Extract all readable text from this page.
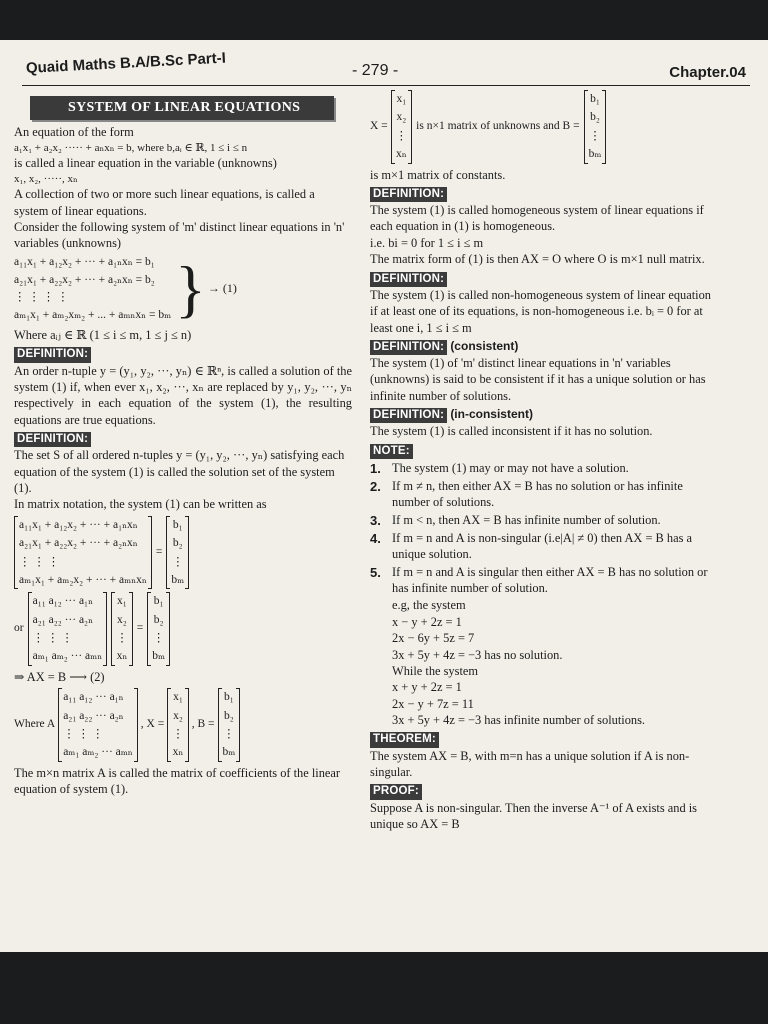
Quaid Maths B.A/B.Sc Part-I	- 279 -	Chapter.04
SYSTEM OF LINEAR EQUATIONS

An equation of the form

a₁x₁ + a₂x₂ ····· + aₙxₙ = b, where b,aᵢ ∈ ℝ, 1 ≤ i ≤ n

is called a linear equation in the variable (unknowns)

x₁, x₂, ·····, xₙ

A collection of two or more such linear equations, is called a system of linear equations.

Consider the following system of 'm' distinct linear equations in 'n' variables (unknowns)

a₁₁x₁ + a₁₂x₂ + ··· + a₁ₙxₙ = b₁
a₂₁x₁ + a₂₂x₂ + ··· + a₂ₙxₙ = b₂
⋮ ⋮ ⋮ ⋮
aₘ₁x₁ + aₘ₂xₘ₂ + ... + aₘₙxₙ = bₘ } → (1)

Where aᵢⱼ ∈ ℝ (1 ≤ i ≤ m, 1 ≤ j ≤ n)

DEFINITION:

An order n-tuple y = (y₁, y₂, ···, yₙ) ∈ ℝⁿ, is called a solution of the system (1) if, when ever x₁, x₂, ···, xₙ are replaced by y₁, y₂, ···, yₙ respectively in each equation of the system (1), the resulting equations are true equations.

DEFINITION:

The set S of all ordered n-tuples y = (y₁, y₂, ···, yₙ) satisfying each equation of the system (1) is called the solution set of the system (1).

In matrix notation, the system (1) can be written as

a₁₁x₁ + a₁₂x₂ + ··· + a₁ₙxₙ
a₂₁x₁ + a₂₂x₂ + ··· + a₂ₙxₙ
⋮ ⋮ ⋮
aₘ₁x₁ + aₘ₂x₂ + ··· + aₘₙxₙ
=
b₁
b₂
⋮
bₘ
or
a₁₁ a₁₂ ··· a₁ₙ
a₂₁ a₂₂ ··· a₂ₙ
⋮ ⋮ ⋮
aₘ₁ aₘ₂ ··· aₘₙ
x₁
x₂
⋮
xₙ
=
b₁
b₂
⋮
bₘ

⇒ AX = B ⟶ (2)

Where A
a₁₁ a₁₂ ··· a₁ₙ
a₂₁ a₂₂ ··· a₂ₙ
⋮ ⋮ ⋮
aₘ₁ aₘ₂ ··· aₘₙ
, X =
x₁
x₂
⋮
xₙ
, B =
b₁
b₂
⋮
bₘ

The m×n matrix A is called the matrix of coefficients of the linear equation of system (1).

X =
x₁
x₂
⋮
xₙ
is n×1 matrix of unknowns and B =
b₁
b₂
⋮
bₘ

is m×1 matrix of constants.

DEFINITION:

The system (1) is called homogeneous system of linear equations if each equation in (1) is homogeneous.

i.e. bi = 0 for 1 ≤ i ≤ m

The matrix form of (1) is then AX = O where O is m×1 null matrix.

DEFINITION:

The system (1) is called non-homogeneous system of linear equation if at least one of its equations, is non-homogeneous i.e. bᵢ = 0 for at least one i, 1 ≤ i ≤ m

DEFINITION: (consistent)

The system (1) of 'm' distinct linear equations in 'n' variables (unknowns) is said to be consistent if it has a unique solution or has infinite number of solutions.

DEFINITION: (in-consistent)

The system (1) is called inconsistent if it has no solution.

NOTE:
1. The system (1) may or may not have a solution.
2. If m ≠ n, then either AX = B has no solution or has infinite number of solutions.
3. If m < n, then AX = B has infinite number of solution.
4. If m = n and A is non-singular (i.e|A| ≠ 0) then AX = B has a unique solution.
5. If m = n and A is singular then either AX = B has no solution or has infinite number of solution.

e.g, the system

x − y + 2z = 1

2x − 6y + 5z = 7

3x + 5y + 4z = −3 has no solution.

While the system

x + y + 2z = 1

2x − y + 7z = 11

3x + 5y + 4z = −3 has infinite number of solutions.

THEOREM:

The system AX = B, with m=n has a unique solution if A is non-singular.

PROOF:

Suppose A is non-singular. Then the inverse A⁻¹ of A exists and is unique so AX = B
